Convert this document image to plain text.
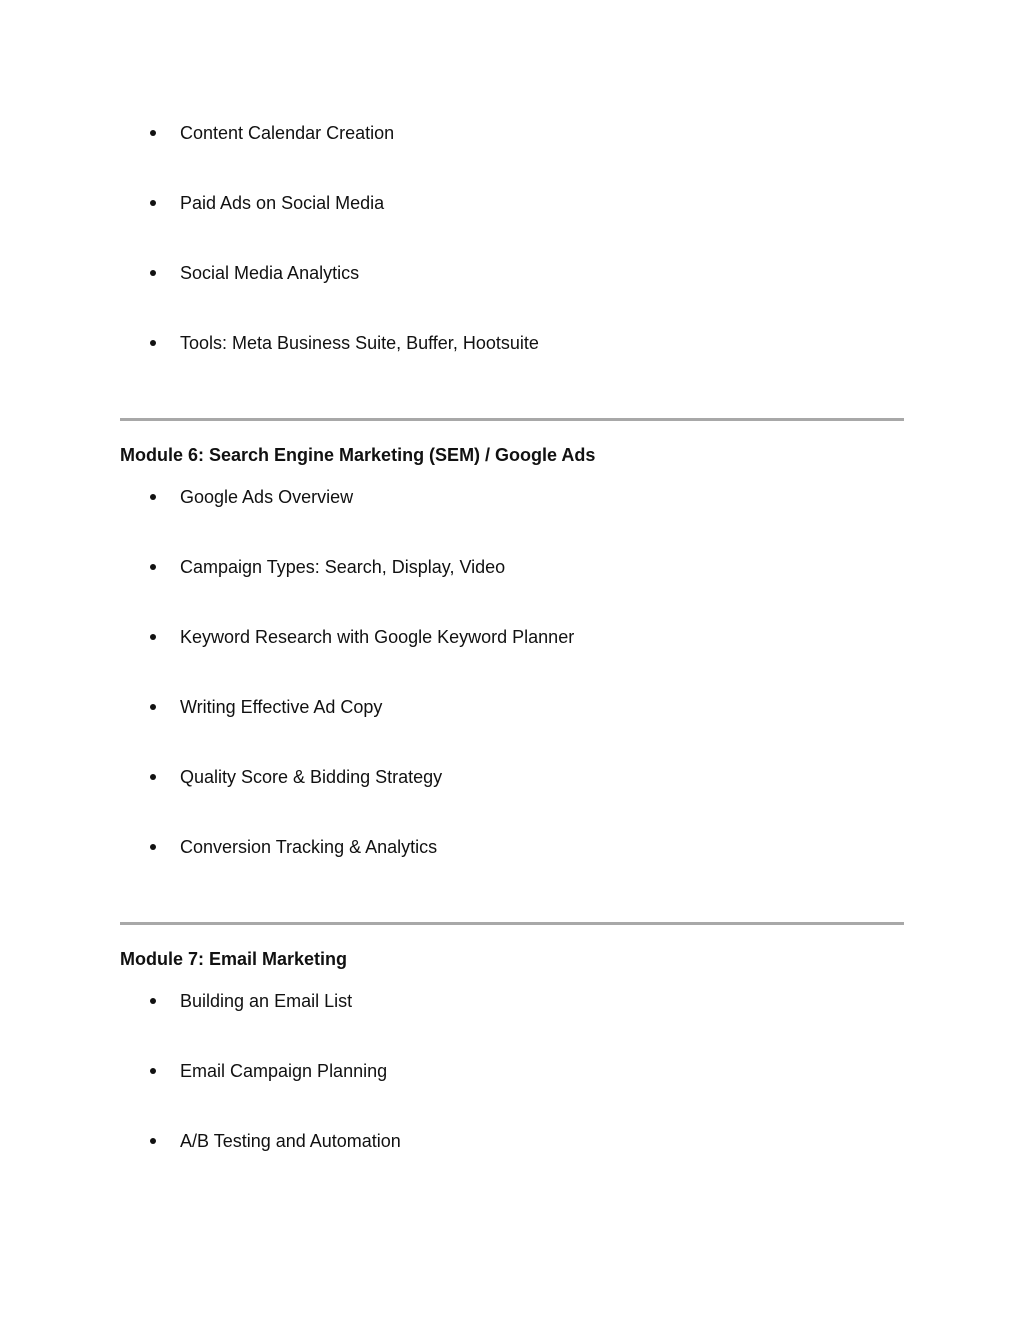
Content Calendar Creation
Paid Ads on Social Media
Social Media Analytics
Tools: Meta Business Suite, Buffer, Hootsuite
Module 6: Search Engine Marketing (SEM) / Google Ads
Google Ads Overview
Campaign Types: Search, Display, Video
Keyword Research with Google Keyword Planner
Writing Effective Ad Copy
Quality Score & Bidding Strategy
Conversion Tracking & Analytics
Module 7: Email Marketing
Building an Email List
Email Campaign Planning
A/B Testing and Automation
